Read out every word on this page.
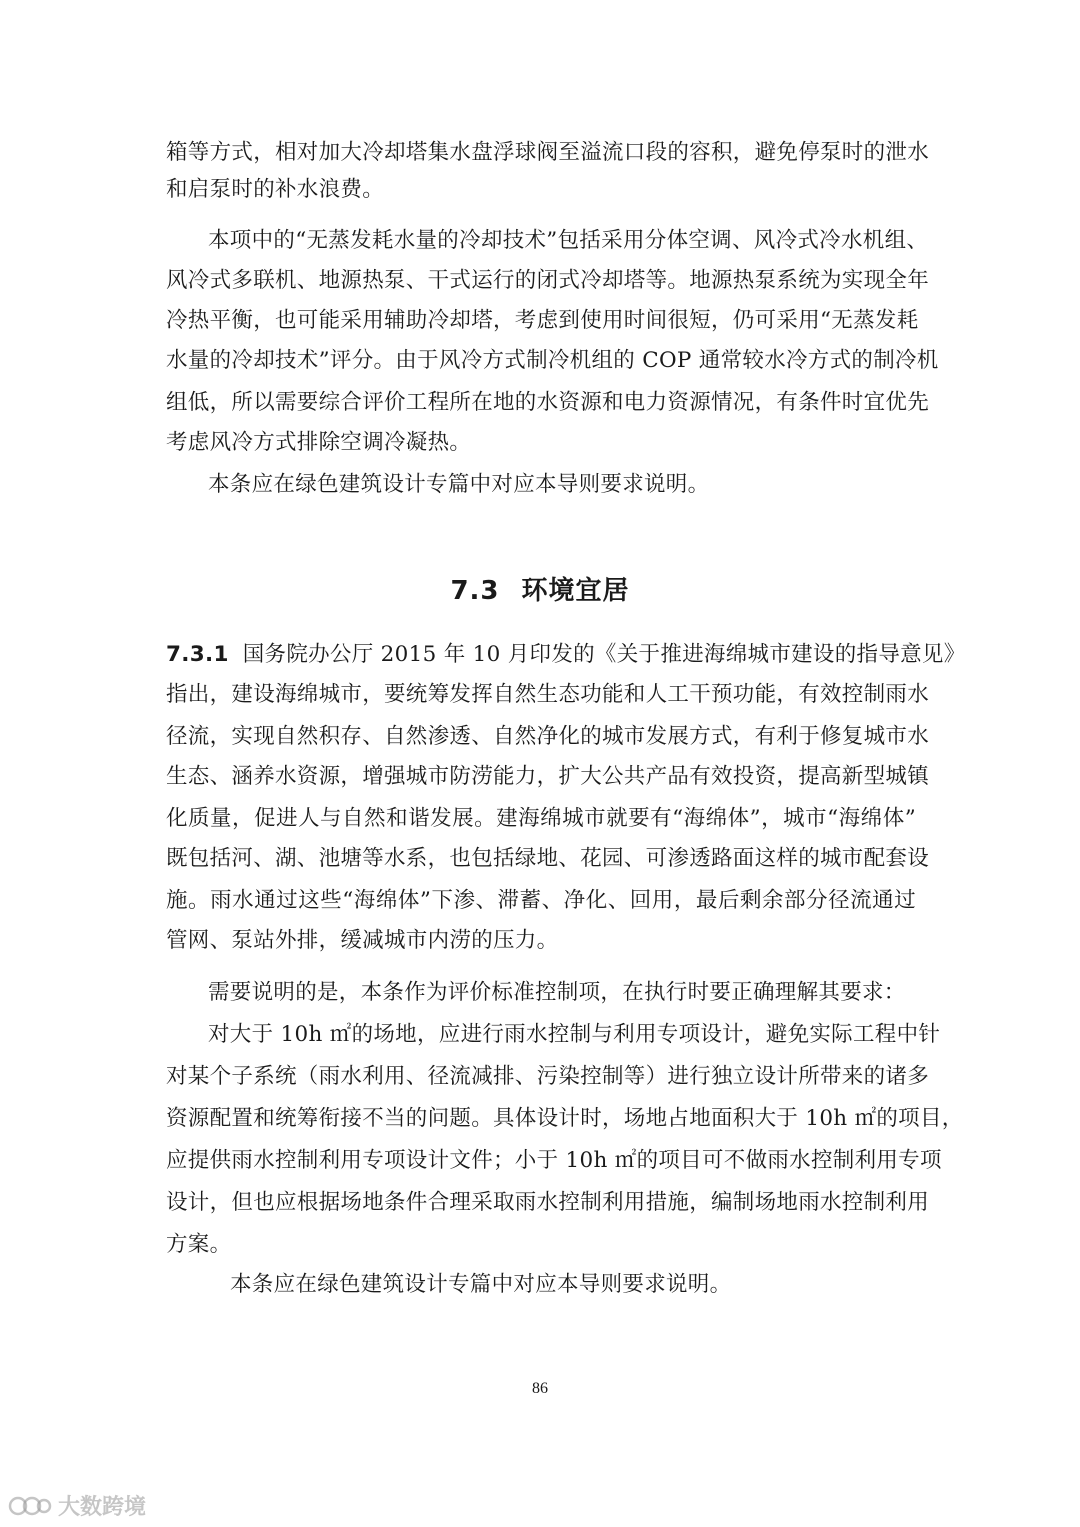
箱等方式，相对加大冷却塔集水盘浮球阀至溢流口段的容积，避免停泵时的泄水
和启泵时的补水浪费。
本项中的“无蒸发耗水量的冷却技术”包括采用分体空调、风冷式冷水机组、
风冷式多联机、地源热泵、干式运行的闭式冷却塔等。地源热泵系统为实现全年
冷热平衡，也可能采用辅助冷却塔，考虑到使用时间很短，仍可采用“无蒸发耗
水量的冷却技术”评分。由于风冷方式制冷机组的 COP 通常较水冷方式的制冷机
组低，所以需要综合评价工程所在地的水资源和电力资源情况，有条件时宜优先
考虑风冷方式排除空调冷凝热。
本条应在绿色建筑设计专篇中对应本导则要求说明。
7.3 环境宜居
7.3.1 国务院办公厅 2015 年 10 月印发的《关于推进海绵城市建设的指导意见》
指出，建设海绵城市，要统筹发挥自然生态功能和人工干预功能，有效控制雨水
径流，实现自然积存、自然渗透、自然净化的城市发展方式，有利于修复城市水
生态、涵养水资源，增强城市防涝能力，扩大公共产品有效投资，提高新型城镇
化质量，促进人与自然和谐发展。建海绵城市就要有“海绵体”，城市“海绵体”
既包括河、湖、池塘等水系，也包括绿地、花园、可渗透路面这样的城市配套设
施。雨水通过这些“海绵体”下渗、滞蓄、净化、回用，最后剩余部分径流通过
管网、泵站外排，缓减城市内涝的压力。
需要说明的是，本条作为评价标准控制项，在执行时要正确理解其要求：
对大于 10h ㎡的场地，应进行雨水控制与利用专项设计，避免实际工程中针
对某个子系统（雨水利用、径流减排、污染控制等）进行独立设计所带来的诸多
资源配置和统筹衔接不当的问题。具体设计时，场地占地面积大于 10h ㎡的项目，
应提供雨水控制利用专项设计文件；小于 10h ㎡的项目可不做雨水控制利用专项
设计，但也应根据场地条件合理采取雨水控制利用措施，编制场地雨水控制利用
方案。
本条应在绿色建筑设计专篇中对应本导则要求说明。
86
大数跨境
